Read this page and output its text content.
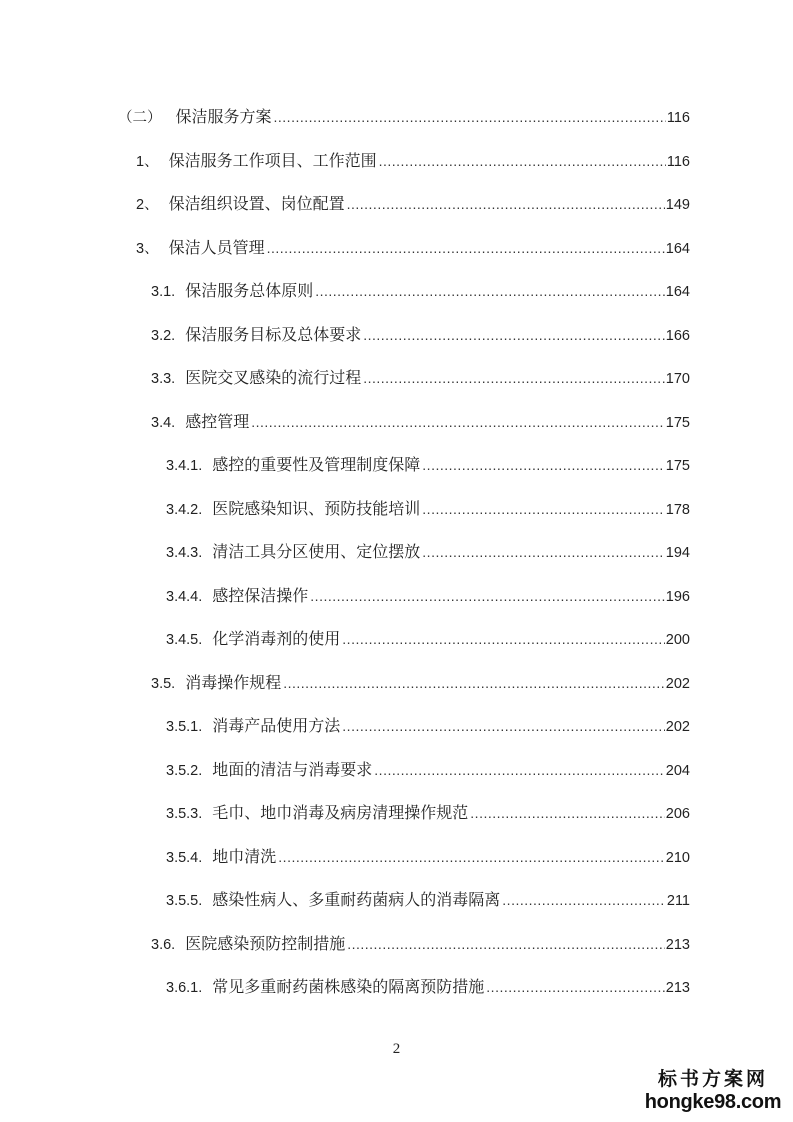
（二） 保洁服务方案 .....	116
1、 保洁服务工作项目、工作范围 .....	116
2、 保洁组织设置、岗位配置 .....	149
3、 保洁人员管理 .....	164
3.1. 保洁服务总体原则 .....	164
3.2. 保洁服务目标及总体要求 .....	166
3.3. 医院交叉感染的流行过程 .....	170
3.4. 感控管理 .....	175
3.4.1. 感控的重要性及管理制度保障 .....	175
3.4.2. 医院感染知识、预防技能培训 .....	178
3.4.3. 清洁工具分区使用、定位摆放 .....	194
3.4.4. 感控保洁操作 .....	196
3.4.5. 化学消毒剂的使用 .....	200
3.5. 消毒操作规程 .....	202
3.5.1. 消毒产品使用方法 .....	202
3.5.2. 地面的清洁与消毒要求 .....	204
3.5.3. 毛巾、地巾消毒及病房清理操作规范 .....	206
3.5.4. 地巾清洗 .....	210
3.5.5. 感染性病人、多重耐药菌病人的消毒隔离 .....	211
3.6. 医院感染预防控制措施 .....	213
3.6.1. 常见多重耐药菌株感染的隔离预防措施 .....	213
2
标书方案网
hongke98.com
